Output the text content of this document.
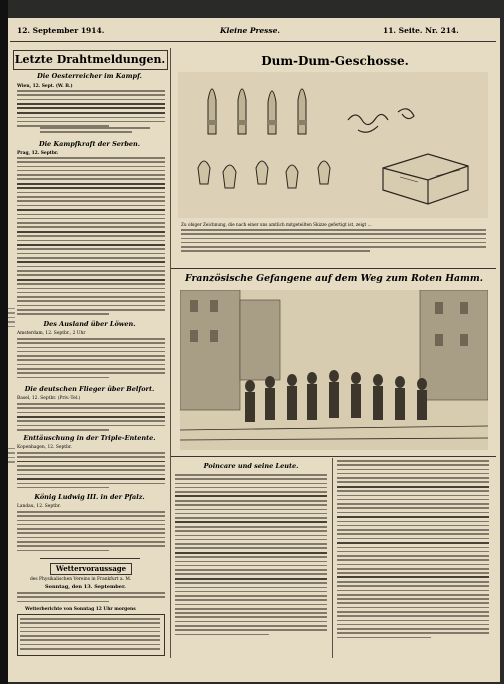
12. September 1914.	Kleine Presse.	11. Seite. Nr. 214.
Letzte Drahtmeldungen.
Die Oesterreicher im Kampf.
Wien, 12. Sept. (W. B.)
Die Kampfkraft der Serben.
Prag, 12. Septbr.
Des Ausland über Löwen.
Amsterdam, 12. Septbr., 2 Uhr
Die deutschen Flieger über Belfort.
Basel, 12. Septbr. (Priv.-Tel.)
Enttäuschung in der Triple-Entente.
Kopenhagen, 12. Septbr.
König Ludwig III. in der Pfalz.
Landau, 12. Septbr.
Wettervoraussage
des Physikalischen Vereins in Frankfurt a. M.
Sonntag, den 13. September.
Wetterberichte von Sonntag 12 Uhr morgens
Dum-Dum-Geschosse.
Zu obiger Zeichnung, die nach einer uns amtlich mitgeteilten Skizze gefertigt ist, zeigt ...
Französische Gefangene auf dem Weg zum Roten Hamm.
Poincare und seine Leute.
